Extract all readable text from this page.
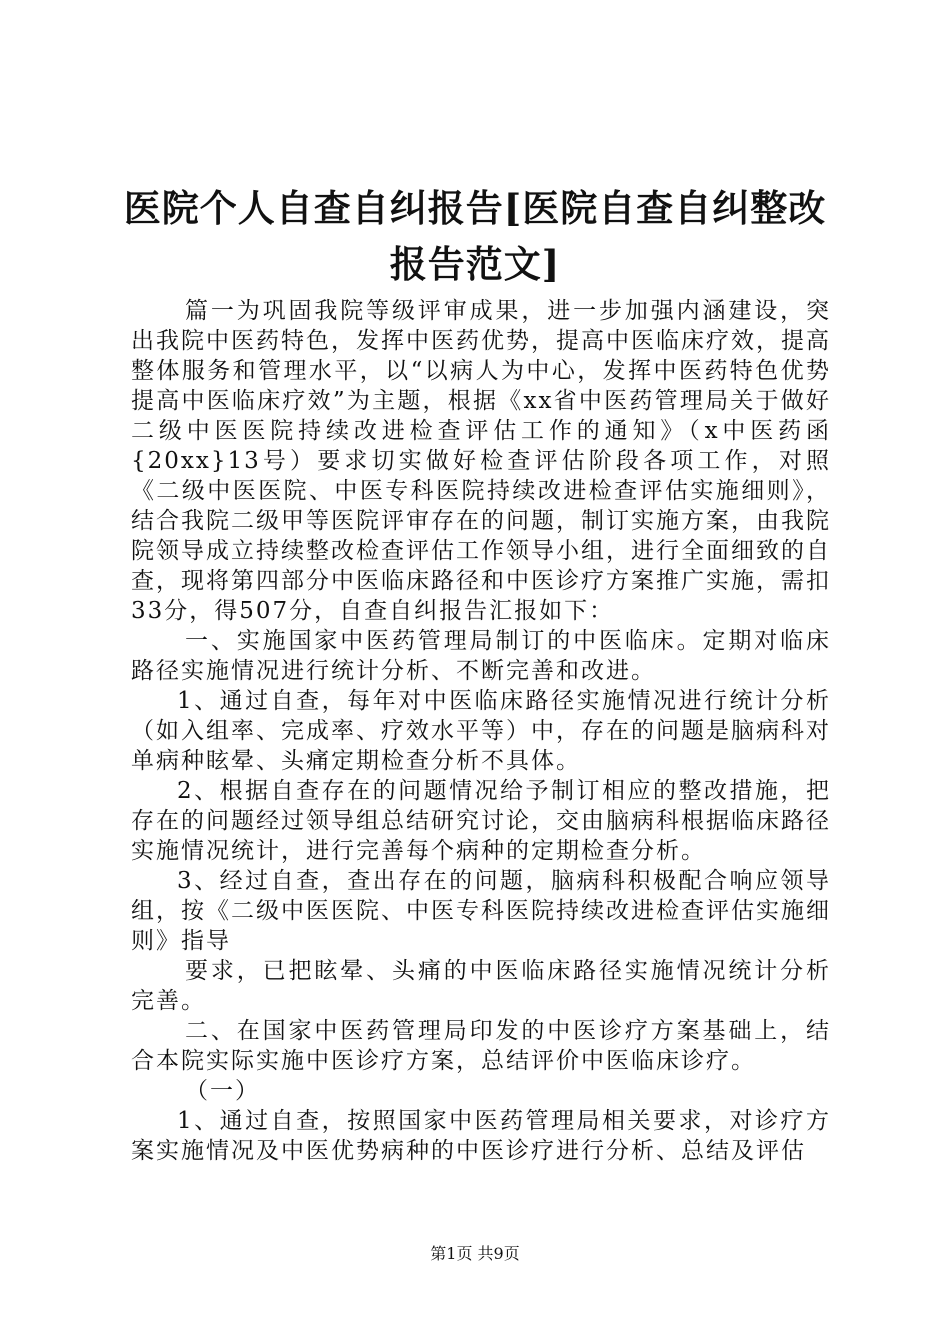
医院个人自查自纠报告[医院自查自纠整改报告范文]

篇一为巩固我院等级评审成果，进一步加强内涵建设，突出我院中医药特色，发挥中医药优势，提高中医临床疗效，提高整体服务和管理水平，以“以病人为中心，发挥中医药特色优势提高中医临床疗效”为主题，根据《xx省中医药管理局关于做好二级中医医院持续改进检查评估工作的通知》（x中医药函{20xx}13号）要求切实做好检查评估阶段各项工作，对照《二级中医医院、中医专科医院持续改进检查评估实施细则》，结合我院二级甲等医院评审存在的问题，制订实施方案，由我院院领导成立持续整改检查评估工作领导小组，进行全面细致的自查，现将第四部分中医临床路径和中医诊疗方案推广实施，需扣33分，得507分，自查自纠报告汇报如下：

一、实施国家中医药管理局制订的中医临床。定期对临床路径实施情况进行统计分析、不断完善和改进。

1、通过自查，每年对中医临床路径实施情况进行统计分析（如入组率、完成率、疗效水平等）中，存在的问题是脑病科对单病种眩晕、头痛定期检查分析不具体。

2、根据自查存在的问题情况给予制订相应的整改措施，把存在的问题经过领导组总结研究讨论，交由脑病科根据临床路径实施情况统计，进行完善每个病种的定期检查分析。

3、经过自查，查出存在的问题，脑病科积极配合响应领导组，按《二级中医医院、中医专科医院持续改进检查评估实施细则》指导

要求，已把眩晕、头痛的中医临床路径实施情况统计分析完善。

二、在国家中医药管理局印发的中医诊疗方案基础上，结合本院实际实施中医诊疗方案，总结评价中医临床诊疗。

（一）

1、通过自查，按照国家中医药管理局相关要求，对诊疗方案实施情况及中医优势病种的中医诊疗进行分析、总结及评估

第1页 共9页
